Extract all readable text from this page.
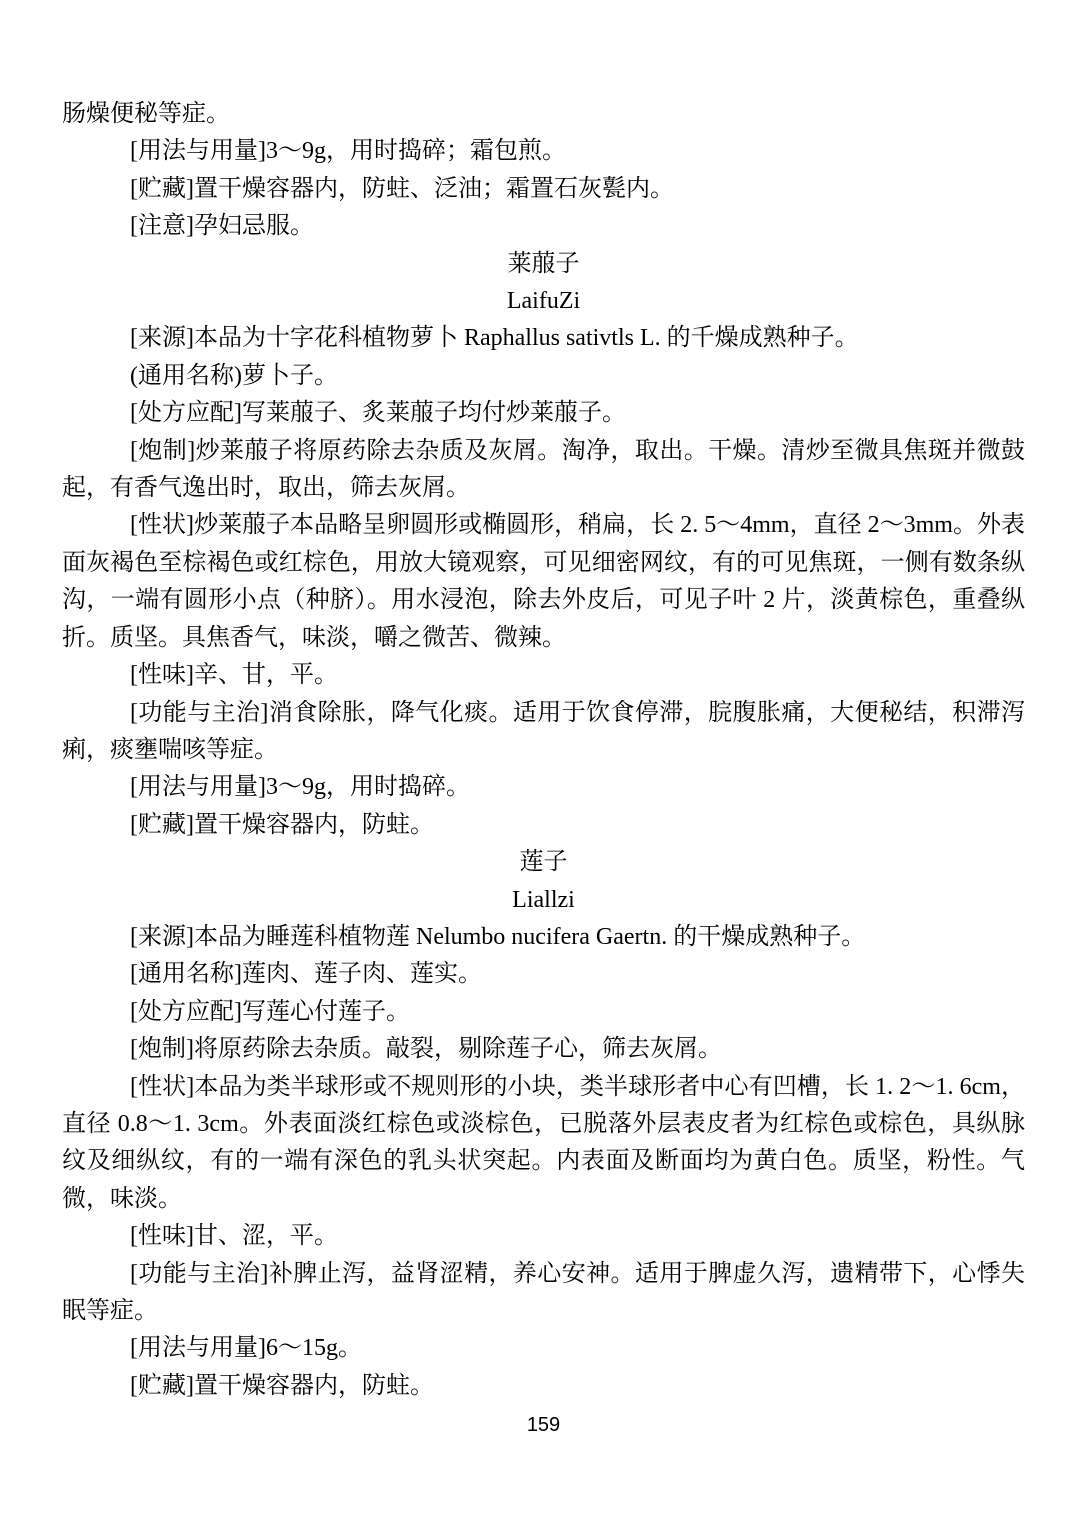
肠燥便秘等症。

[用法与用量]3～9g，用时捣碎；霜包煎。

[贮藏]置干燥容器内，防蛀、泛油；霜置石灰甏内。

[注意]孕妇忌服。

莱菔子

LaifuZi

[来源]本品为十字花科植物萝卜 Raphallus sativtls L. 的千燥成熟种子。

(通用名称)萝卜子。

[处方应配]写莱菔子、炙莱菔子均付炒莱菔子。

[炮制]炒莱菔子将原药除去杂质及灰屑。淘净，取出。干燥。清炒至微具焦斑并微鼓起，有香气逸出时，取出，筛去灰屑。

[性状]炒莱菔子本品略呈卵圆形或椭圆形，稍扁，长 2. 5～4mm，直径 2～3mm。外表面灰褐色至棕褐色或红棕色，用放大镜观察，可见细密网纹，有的可见焦斑，一侧有数条纵沟，一端有圆形小点（种脐）。用水浸泡，除去外皮后，可见子叶 2 片，淡黄棕色，重叠纵折。质坚。具焦香气，味淡，嚼之微苦、微辣。

[性味]辛、甘，平。

[功能与主治]消食除胀，降气化痰。适用于饮食停滞，脘腹胀痛，大便秘结，积滞泻痢，痰壅喘咳等症。

[用法与用量]3～9g，用时捣碎。

[贮藏]置干燥容器内，防蛀。

莲子

Liallzi

[来源]本品为睡莲科植物莲 Nelumbo nucifera Gaertn. 的干燥成熟种子。

[通用名称]莲肉、莲子肉、莲实。

[处方应配]写莲心付莲子。

[炮制]将原药除去杂质。敲裂，剔除莲子心，筛去灰屑。

[性状]本品为类半球形或不规则形的小块，类半球形者中心有凹槽，长 1. 2～1. 6cm，直径 0.8～1. 3cm。外表面淡红棕色或淡棕色，已脱落外层表皮者为红棕色或棕色，具纵脉纹及细纵纹，有的一端有深色的乳头状突起。内表面及断面均为黄白色。质坚，粉性。气微，味淡。

[性味]甘、涩，平。

[功能与主治]补脾止泻，益肾涩精，养心安神。适用于脾虚久泻，遗精带下，心悸失眠等症。

[用法与用量]6～15g。

[贮藏]置干燥容器内，防蛀。

159
